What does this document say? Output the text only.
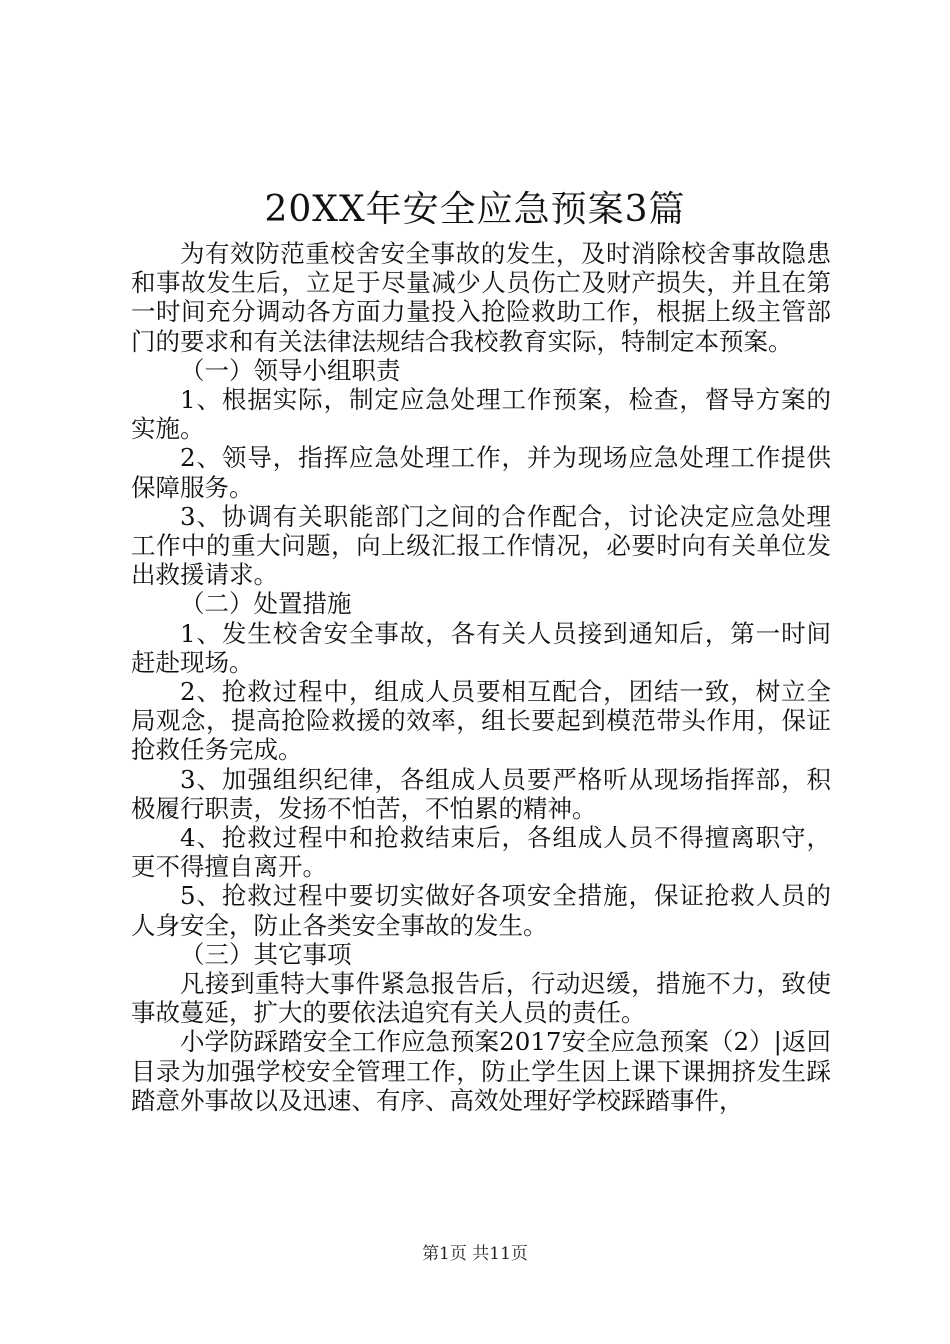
20XX年安全应急预案3篇

为有效防范重校舍安全事故的发生，及时消除校舍事故隐患和事故发生后，立足于尽量减少人员伤亡及财产损失，并且在第一时间充分调动各方面力量投入抢险救助工作，根据上级主管部门的要求和有关法律法规结合我校教育实际，特制定本预案。

（一）领导小组职责

1、根据实际，制定应急处理工作预案，检查，督导方案的实施。

2、领导，指挥应急处理工作，并为现场应急处理工作提供保障服务。

3、协调有关职能部门之间的合作配合，讨论决定应急处理工作中的重大问题，向上级汇报工作情况，必要时向有关单位发出救援请求。

（二）处置措施

1、发生校舍安全事故，各有关人员接到通知后，第一时间赶赴现场。

2、抢救过程中，组成人员要相互配合，团结一致，树立全局观念，提高抢险救援的效率，组长要起到模范带头作用，保证抢救任务完成。

3、加强组织纪律，各组成人员要严格听从现场指挥部，积极履行职责，发扬不怕苦，不怕累的精神。

4、抢救过程中和抢救结束后，各组成人员不得擅离职守，更不得擅自离开。

5、抢救过程中要切实做好各项安全措施，保证抢救人员的人身安全，防止各类安全事故的发生。

（三）其它事项

凡接到重特大事件紧急报告后，行动迟缓，措施不力，致使事故蔓延，扩大的要依法追究有关人员的责任。

小学防踩踏安全工作应急预案2017安全应急预案（2）|返回目录为加强学校安全管理工作，防止学生因上课下课拥挤发生踩踏意外事故以及迅速、有序、高效处理好学校踩踏事件，

第1页 共11页
